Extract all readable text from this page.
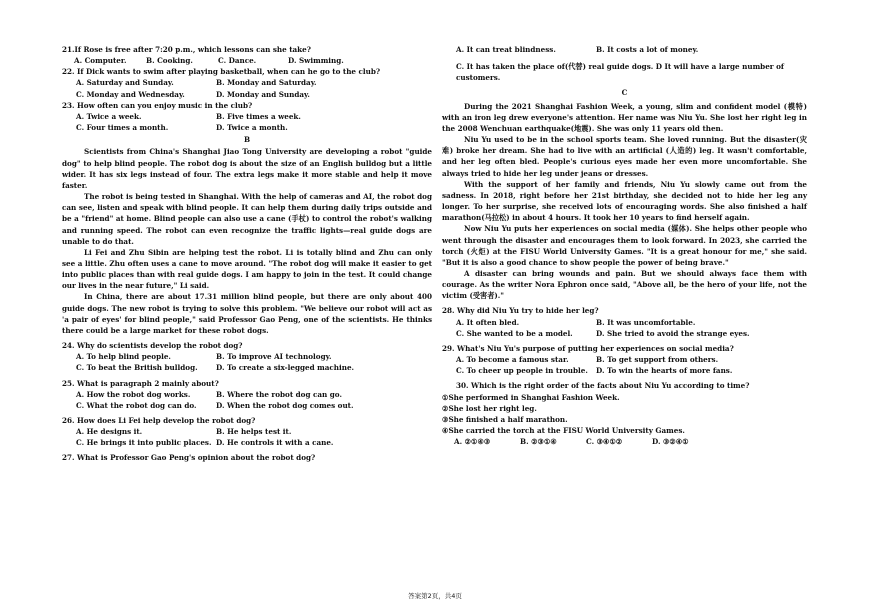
21.If Rose is free after 7:20 p.m., which lessons can she take?

A. Computer.	B. Cooking.	C. Dance.	D. Swimming.

22. If Dick wants to swim after playing basketball, when can he go to the club?

A. Saturday and Sunday.	B. Monday and Saturday.
C. Monday and Wednesday.	D. Monday and Sunday.

23. How often can you enjoy music in the club?

A. Twice a week.	B. Five times a week.
C. Four times a month.	D. Twice a month.
B

Scientists from China's Shanghai Jiao Tong University are developing a robot "guide dog" to help blind people. The robot dog is about the size of an English bulldog but a little wider. It has six legs instead of four. The extra legs make it more stable and help it move faster.

The robot is being tested in Shanghai. With the help of cameras and AI, the robot dog can see, listen and speak with blind people. It can help them during daily trips outside and be a "friend" at home. Blind people can also use a cane (手杖) to control the robot's walking and running speed. The robot can even recognize the traffic lights—real guide dogs are unable to do that.

Li Fei and Zhu Sibin are helping test the robot. Li is totally blind and Zhu can only see a little. Zhu often uses a cane to move around. "The robot dog will make it easier to get into public places than with real guide dogs. I am happy to join in the test. It could change our lives in the near future," Li said.

In China, there are about 17.31 million blind people, but there are only about 400 guide dogs. The new robot is trying to solve this problem. "We believe our robot will act as 'a pair of eyes' for blind people," said Professor Gao Peng, one of the scientists. He thinks there could be a large market for these robot dogs.

24. Why do scientists develop the robot dog?

A. To help blind people.	B. To improve AI technology.
C. To beat the British bulldog.	D. To create a six-legged machine.

25. What is paragraph 2 mainly about?

A. How the robot dog works.	B. Where the robot dog can go.
C. What the robot dog can do.	D. When the robot dog comes out.

26. How does Li Fei help develop the robot dog?

A. He designs it.	B. He helps test it.
C. He brings it into public places. D. He controls it with a cane.

27. What is Professor Gao Peng's opinion about the robot dog?

A. It can treat blindness.	B. It costs a lot of money.
C. It has taken the place of(代替) real guide dogs. D It will have a large number of customers.
C

During the 2021 Shanghai Fashion Week, a young, slim and confident model (模特) with an iron leg drew everyone's attention. Her name was Niu Yu. She lost her right leg in the 2008 Wenchuan earthquake(地震). She was only 11 years old then.

Niu Yu used to be in the school sports team. She loved running. But the disaster(灾难) broke her dream. She had to live with an artificial (人造的) leg. It wasn't comfortable, and her leg often bled. People's curious eyes made her even more uncomfortable. She always tried to hide her leg under jeans or dresses.

With the support of her family and friends, Niu Yu slowly came out from the sadness. In 2018, right before her 21st birthday, she decided not to hide her leg any longer. To her surprise, she received lots of encouraging words. She also finished a half marathon(马拉松) in about 4 hours. It took her 10 years to find herself again.

Now Niu Yu puts her experiences on social media (媒体). She helps other people who went through the disaster and encourages them to look forward. In 2023, she carried the torch (火炬) at the FISU World University Games. "It is a great honour for me," she said. "But it is also a good chance to show people the power of being brave."

A disaster can bring wounds and pain. But we should always face them with courage. As the writer Nora Ephron once said, "Above all, be the hero of your life, not the victim (受害者)."

28. Why did Niu Yu try to hide her leg?

A. It often bled.	B. It was uncomfortable.
C. She wanted to be a model.	D. She tried to avoid the strange eyes.

29. What's Niu Yu's purpose of putting her experiences on social media?

A. To become a famous star.	B. To get support from others.
C. To cheer up people in trouble.	D. To win the hearts of more fans.

30. Which is the right order of the facts about Niu Yu according to time?

①She performed in Shanghai Fashion Week.
②She lost her right leg.
③She finished a half marathon.
④She carried the torch at the FISU World University Games.
A. ②①④③	B. ②③①④	C. ③④①②	D. ③②④①
答案第2页，共4页
